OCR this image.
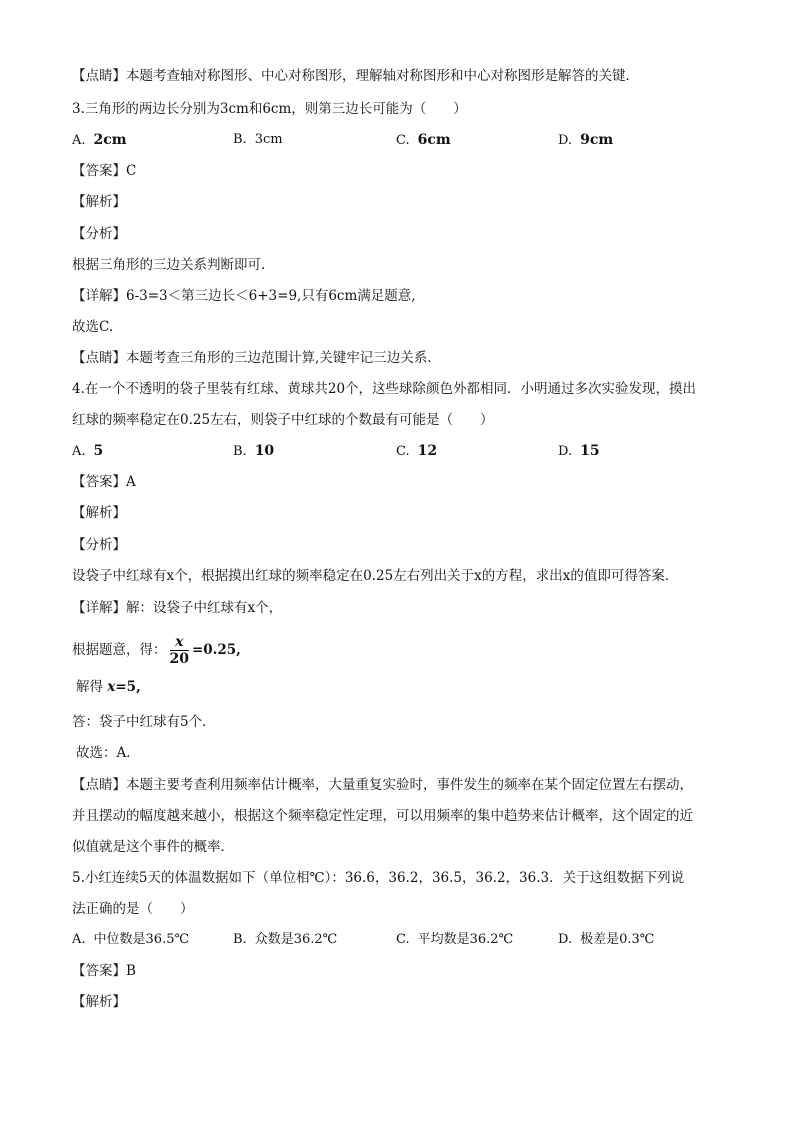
【点睛】本题考查轴对称图形、中心对称图形，理解轴对称图形和中心对称图形是解答的关键．
3.三角形的两边长分别为3cm和6cm，则第三边长可能为（　　）
A. 2cm	B. 3cm	C. 6cm	D. 9cm
【答案】C
【解析】
【分析】
根据三角形的三边关系判断即可.
【详解】6-3=3＜第三边长＜6+3=9,只有6cm满足题意,
故选C.
【点睛】本题考查三角形的三边范围计算,关键牢记三边关系.
4.在一个不透明的袋子里装有红球、黄球共20个，这些球除颜色外都相同．小明通过多次实验发现，摸出
红球的频率稳定在0.25左右，则袋子中红球的个数最有可能是（　　）
A. 5	B. 10	C. 12	D. 15
【答案】A
【解析】
【分析】
设袋子中红球有x个，根据摸出红球的频率稳定在0.25左右列出关于x的方程，求出x的值即可得答案．
【详解】解：设袋子中红球有x个，
根据题意，得： $\frac{x}{20} =0.25$,
解得 x=5,
答：袋子中红球有5个．
故选：A．
【点睛】本题主要考查利用频率估计概率，大量重复实验时，事件发生的频率在某个固定位置左右摆动，
并且摆动的幅度越来越小，根据这个频率稳定性定理，可以用频率的集中趋势来估计概率，这个固定的近
似值就是这个事件的概率．
5.小红连续5天的体温数据如下（单位相℃）：36.6，36.2，36.5，36.2，36.3．关于这组数据下列说
法正确的是（　　）
A. 中位数是36.5℃	B. 众数是36.2℃	C. 平均数是36.2℃	D. 极差是0.3℃
【答案】B
【解析】
